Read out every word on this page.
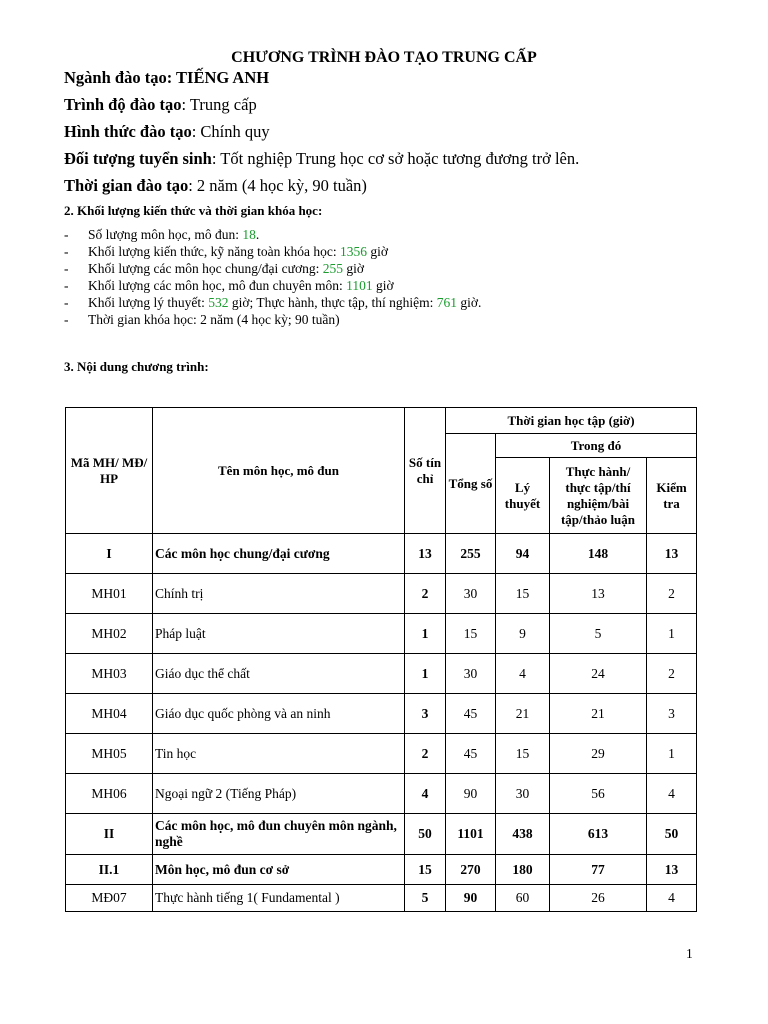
CHƯƠNG TRÌNH ĐÀO TẠO TRUNG CẤP
Ngành đào tạo: TIẾNG ANH
Trình độ đào tạo: Trung cấp
Hình thức đào tạo: Chính quy
Đối tượng tuyển sinh: Tốt nghiệp Trung học cơ sở hoặc tương đương trở lên.
Thời gian đào tạo: 2 năm (4 học kỳ, 90 tuần)
2. Khối lượng kiến thức và thời gian khóa học:
- Số lượng môn học, mô đun: 18.
- Khối lượng kiến thức, kỹ năng toàn khóa học: 1356 giờ
- Khối lượng các môn học chung/đại cương: 255 giờ
- Khối lượng các môn học, mô đun chuyên môn: 1101 giờ
- Khối lượng lý thuyết: 532 giờ; Thực hành, thực tập, thí nghiệm: 761 giờ.
- Thời gian khóa học: 2 năm (4 học kỳ; 90 tuần)
3. Nội dung chương trình:
Mã MH/ MĐ/ HP	Tên môn học, mô đun	Số tín chỉ	Thời gian học tập (giờ)			
			Tổng số	Trong đó		
				Lý thuyết	Thực hành/ thực tập/thí nghiệm/bài tập/thảo luận	Kiểm tra
I	Các môn học chung/đại cương	13	255	94	148	13
MH01	Chính trị	2	30	15	13	2
MH02	Pháp luật	1	15	9	5	1
MH03	Giáo dục thể chất	1	30	4	24	2
MH04	Giáo dục quốc phòng và an ninh	3	45	21	21	3
MH05	Tin học	2	45	15	29	1
MH06	Ngoại ngữ 2 (Tiếng Pháp)	4	90	30	56	4
II	Các môn học, mô đun chuyên môn ngành, nghề	50	1101	438	613	50
II.1	Môn học, mô đun cơ sở	15	270	180	77	13
MĐ07	Thực hành tiếng 1( Fundamental )	5	90	60	26	4
1
